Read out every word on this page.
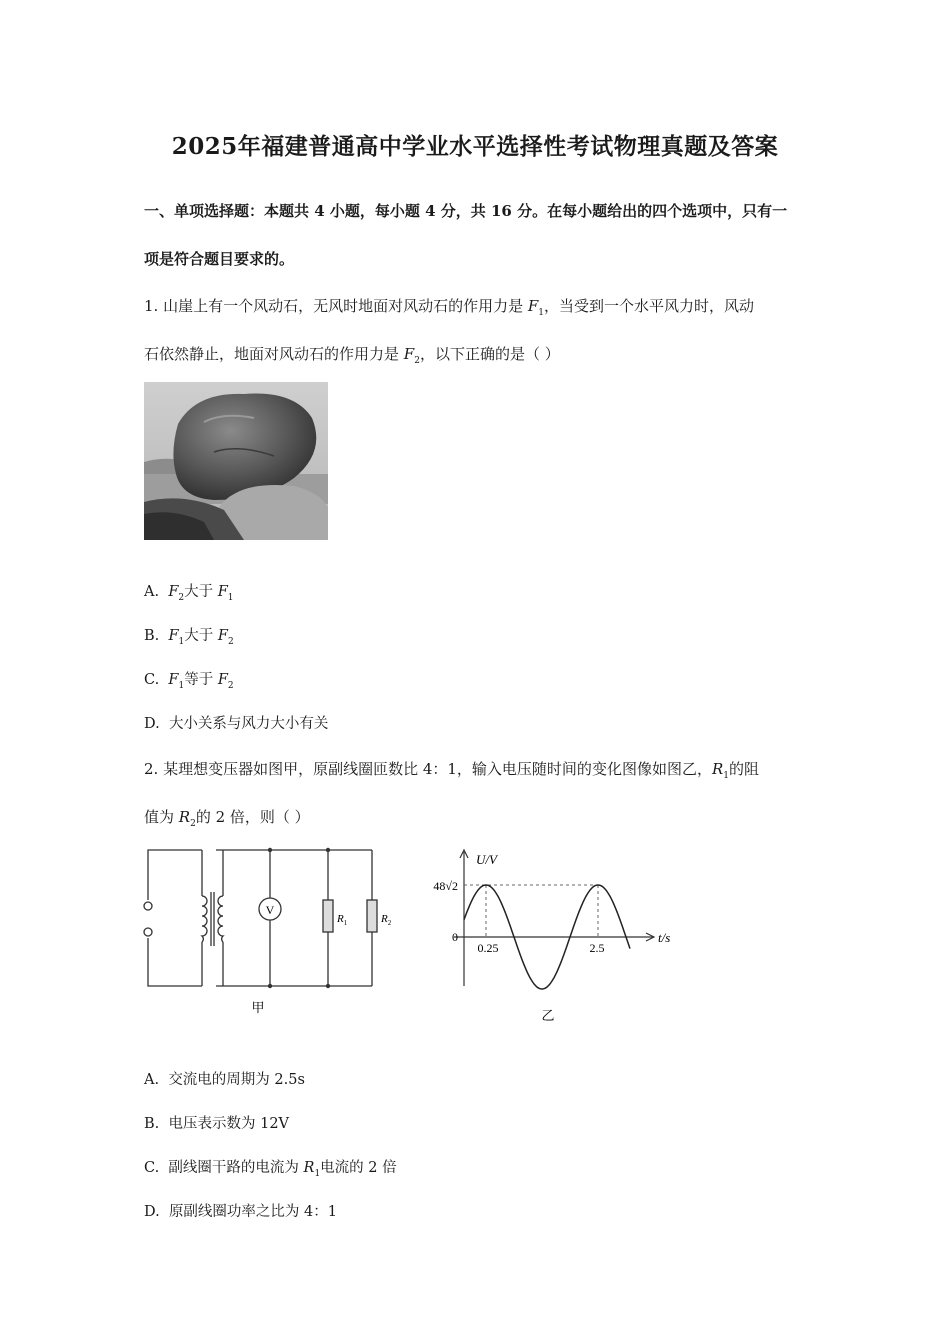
2025年福建普通高中学业水平选择性考试物理真题及答案
一、单项选择题：本题共 4 小题，每小题 4 分，共 16 分。在每小题给出的四个选项中，只有一
项是符合题目要求的。
1. 山崖上有一个风动石，无风时地面对风动石的作用力是 $F_1$，当受到一个水平风力时，风动
石依然静止，地面对风动石的作用力是 $F_2$，以下正确的是（ ）
A. $F_2$大于 $F_1$
B. $F_1$大于 $F_2$
C. $F_1$等于 $F_2$
D. 大小关系与风力大小有关
2. 某理想变压器如图甲，原副线圈匝数比 4：1，输入电压随时间的变化图像如图乙，$R_1$的阻
值为 $R_2$的 2 倍，则（ ）
V
$R_1$	$R_2$
甲
U/V
48√2
0
0.25	2.5
t/s
乙
A. 交流电的周期为 2.5s
B. 电压表示数为 12V
C. 副线圈干路的电流为 $R_1$电流的 2 倍
D. 原副线圈功率之比为 4：1
